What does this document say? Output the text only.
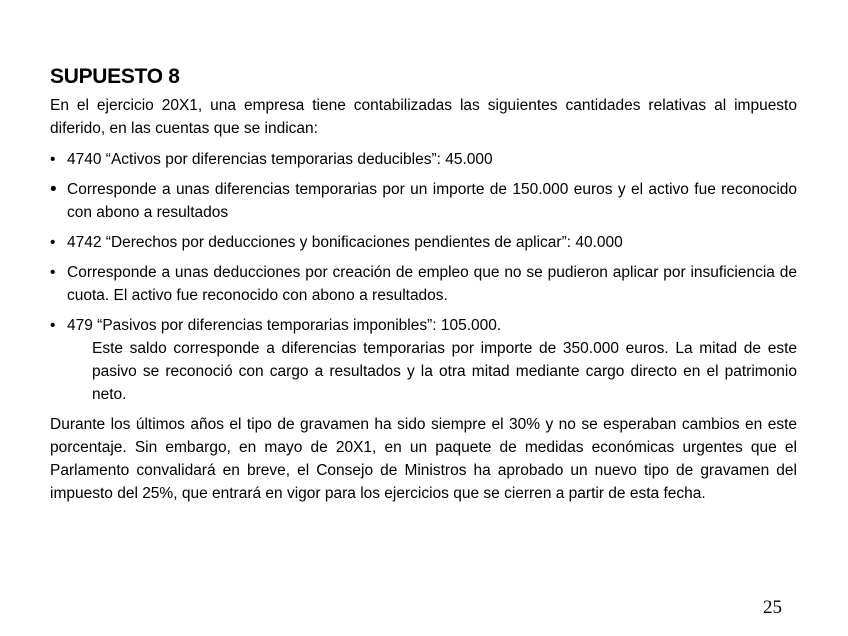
SUPUESTO 8

En el ejercicio 20X1, una empresa tiene contabilizadas las siguientes cantidades relativas al impuesto diferido, en las cuentas que se indican:

• 4740 “Activos por diferencias temporarias deducibles”: 45.000
• Corresponde a unas diferencias temporarias por un importe de 150.000 euros y el activo fue reconocido con abono a resultados
• 4742 “Derechos por deducciones y bonificaciones pendientes de aplicar”: 40.000
• Corresponde a unas deducciones por creación de empleo que no se pudieron aplicar por insuficiencia de cuota. El activo fue reconocido con abono a resultados.
• 479 “Pasivos por diferencias temporarias imponibles”: 105.000.

Este saldo corresponde a diferencias temporarias por importe de 350.000 euros. La mitad de este pasivo se reconoció con cargo a resultados y la otra mitad mediante cargo directo en el patrimonio neto.

Durante los últimos años el tipo de gravamen ha sido siempre el 30% y no se esperaban cambios en este porcentaje. Sin embargo, en mayo de 20X1, en un paquete de medidas económicas urgentes que el Parlamento convalidará en breve, el Consejo de Ministros ha aprobado un nuevo tipo de gravamen del impuesto del 25%, que entrará en vigor para los ejercicios que se cierren a partir de esta fecha.

25
